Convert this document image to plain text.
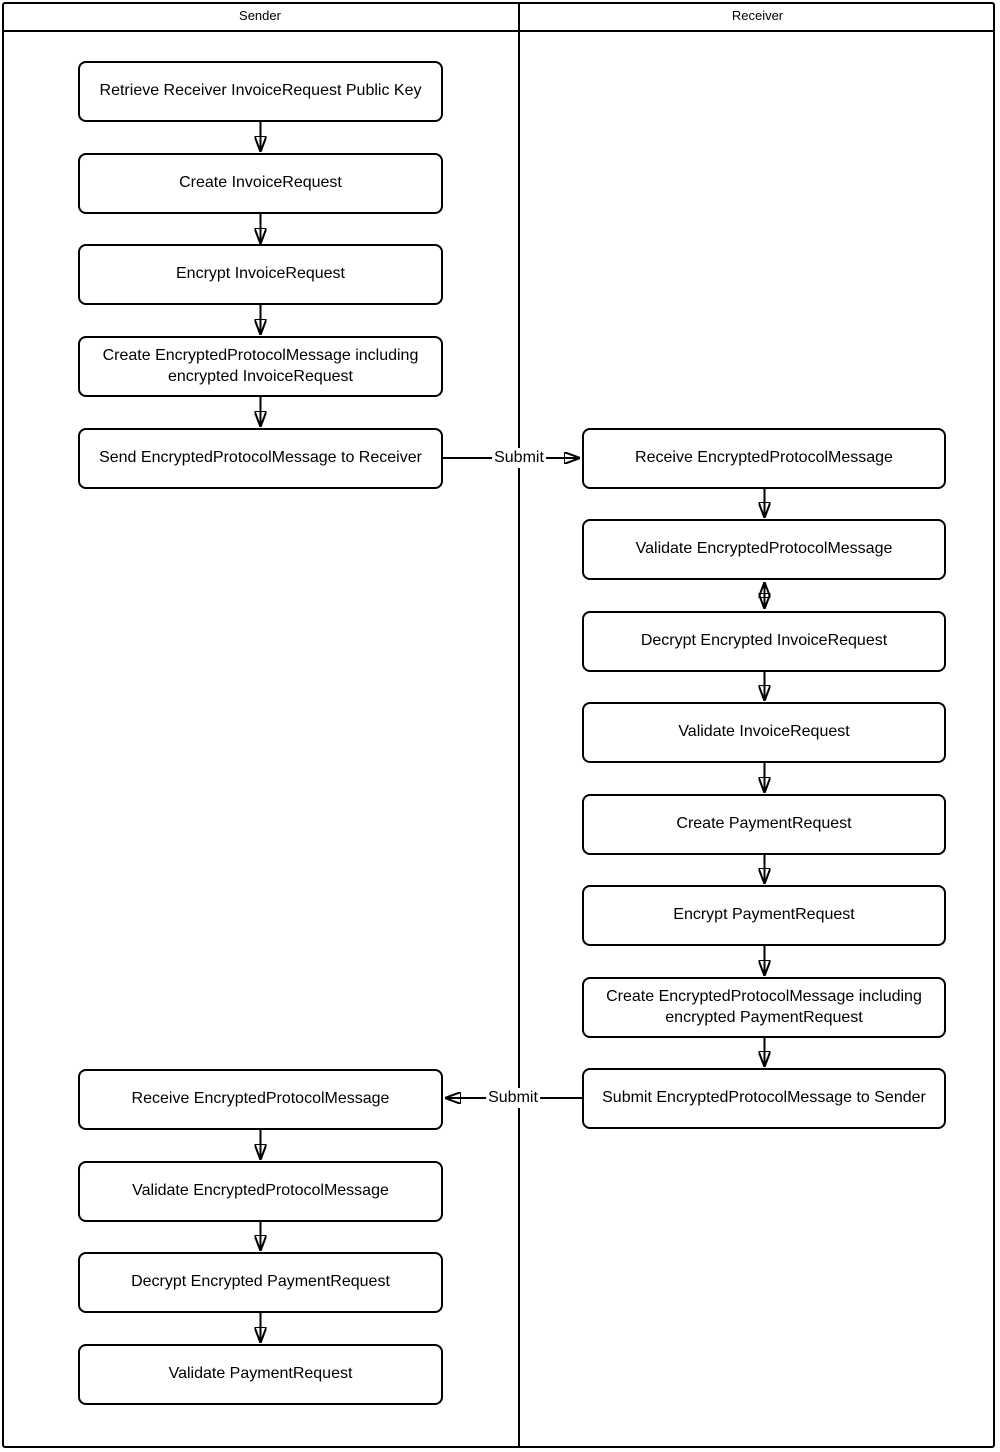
Sender	Receiver
Retrieve Receiver InvoiceRequest Public Key
Create InvoiceRequest
Encrypt InvoiceRequest
Create EncryptedProtocolMessage including encrypted InvoiceRequest
Send EncryptedProtocolMessage to Receiver
Receive EncryptedProtocolMessage
Validate EncryptedProtocolMessage
Decrypt Encrypted PaymentRequest
Validate PaymentRequest
Receive EncryptedProtocolMessage
Validate EncryptedProtocolMessage
Decrypt Encrypted InvoiceRequest
Validate InvoiceRequest
Create PaymentRequest
Encrypt PaymentRequest
Create EncryptedProtocolMessage including encrypted PaymentRequest
Submit EncryptedProtocolMessage to Sender
Submit
Submit
